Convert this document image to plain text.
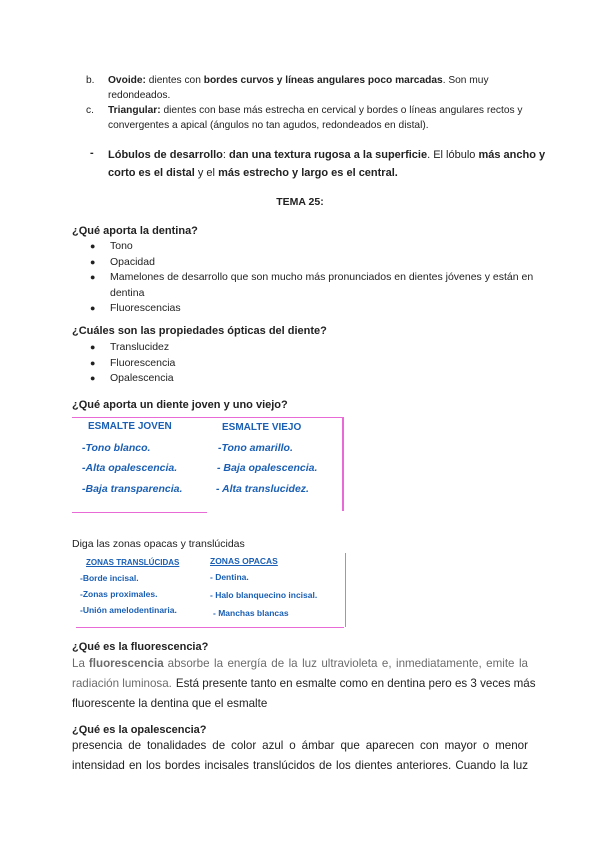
b. Ovoide: dientes con bordes curvos y líneas angulares poco marcadas. Son muy
redondeados.
c. Triangular: dientes con base más estrecha en cervical y bordes o líneas angulares rectos y
convergentes a apical (ángulos no tan agudos, redondeados en distal).
- Lóbulos de desarrollo: dan una textura rugosa a la superficie. El lóbulo más ancho y
corto es el distal y el más estrecho y largo es el central.
TEMA 25:
¿Qué aporta la dentina?
● Tono
● Opacidad
● Mamelones de desarrollo que son mucho más pronunciados en dientes jóvenes y están en
dentina
● Fluorescencias
¿Cuáles son las propiedades ópticas del diente?
● Translucidez
● Fluorescencia
● Opalescencia
¿Qué aporta un diente joven y uno viejo?
ESMALTE JOVEN
-Tono blanco.
-Alta opalescencia.
-Baja transparencia.
ESMALTE VIEJO
-Tono amarillo.
- Baja opalescencia.
- Alta translucidez.
Diga las zonas opacas y translúcidas
ZONAS TRANSLÚCIDAS
-Borde incisal.
-Zonas proximales.
-Unión amelodentinaria.
ZONAS OPACAS
- Dentina.
- Halo blanquecino incisal.
- Manchas blancas
¿Qué es la fluorescencia?
La fluorescencia absorbe la energía de la luz ultravioleta e, inmediatamente, emite la
radiación luminosa. Está presente tanto en esmalte como en dentina pero es 3 veces más
fluorescente la dentina que el esmalte
¿Qué es la opalescencia?
presencia de tonalidades de color azul o ámbar que aparecen con mayor o menor
intensidad en los bordes incisales translúcidos de los dientes anteriores. Cuando la luz
